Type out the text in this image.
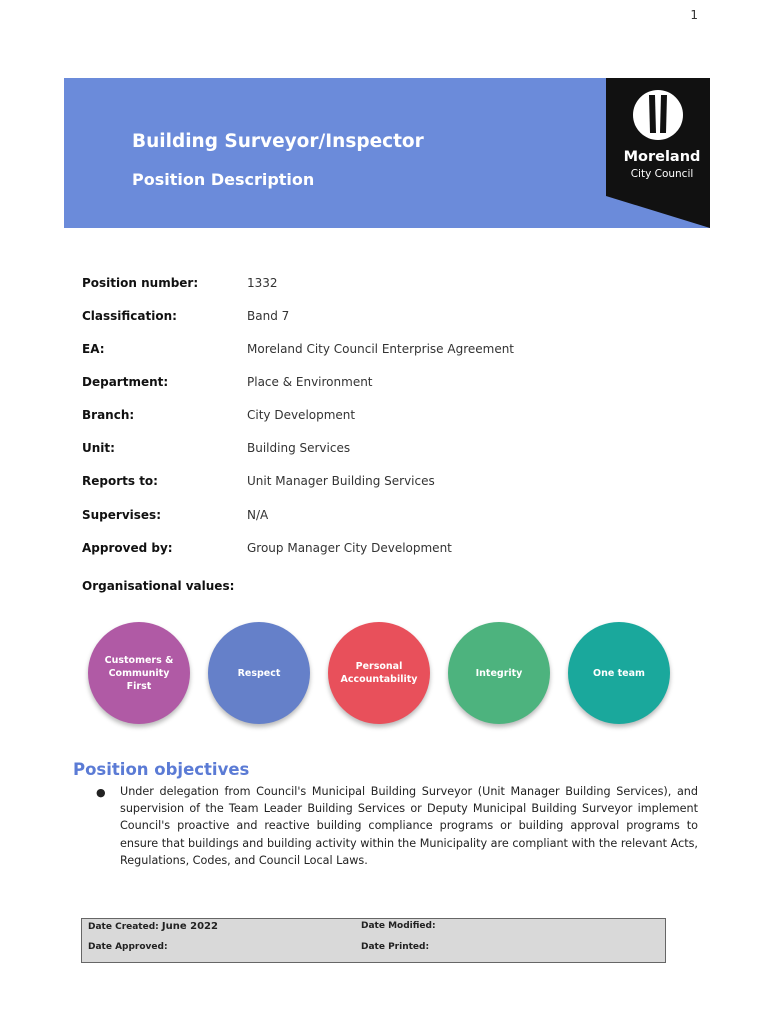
1
Building Surveyor/Inspector
Position Description
Moreland
City Council
Position number:	1332
Classification:	Band 7
EA:	Moreland City Council Enterprise Agreement
Department:	Place & Environment
Branch:	City Development
Unit:	Building Services
Reports to:	Unit Manager Building Services
Supervises:	N/A
Approved by:	Group Manager City Development
Organisational values:
Customers & Community First
Respect
Personal Accountability
Integrity	One team
Position objectives
● Under delegation from Council's Municipal Building Surveyor (Unit Manager Building Services), and supervision of the Team Leader Building Services or Deputy Municipal Building Surveyor implement Council's proactive and reactive building compliance programs or building approval programs to ensure that buildings and building activity within the Municipality are compliant with the relevant Acts, Regulations, Codes, and Council Local Laws.
Date Created: June 2022	Date Modified:
Date Approved:	Date Printed:
